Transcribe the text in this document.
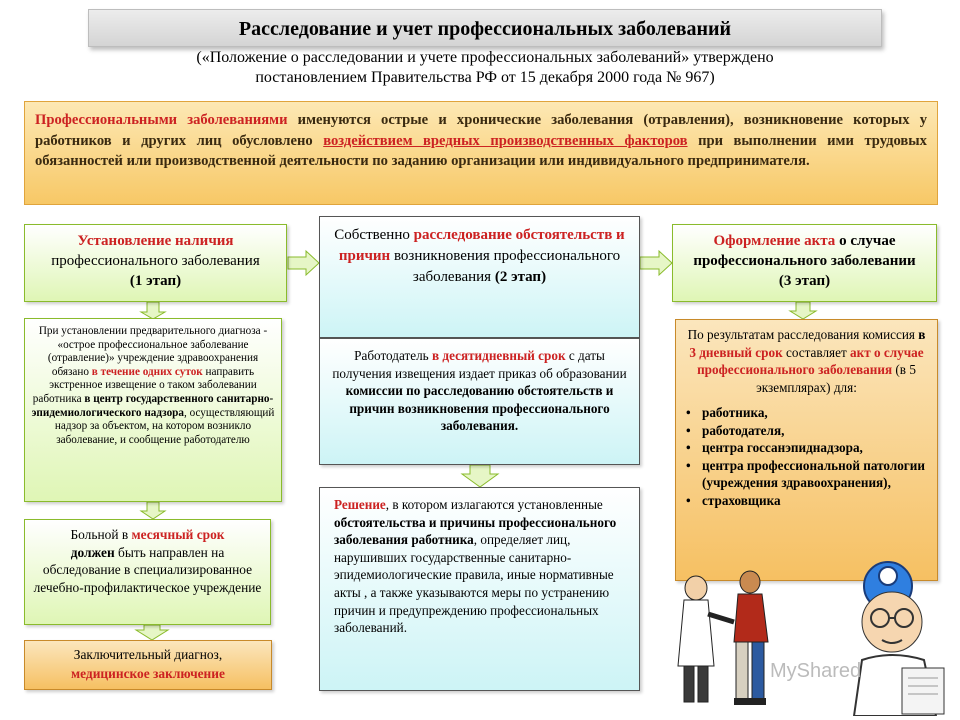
Расследование и учет профессиональных заболеваний
(«Положение о расследовании и учете профессиональных заболеваний» утверждено
постановлением Правительства РФ от 15 декабря 2000 года № 967)
Профессиональными заболеваниями именуются острые и хронические заболевания (отравления), возникновение которых у работников и других лиц обусловлено воздействием вредных производственных факторов при выполнении ими трудовых обязанностей или производственной деятельности по заданию организации или индивидуального предпринимателя.
Установление наличия
профессионального заболевания
(1 этап)
Собственно расследование обстоятельств и причин возникновения профессионального заболевания (2 этап)
Оформление акта о случае профессионального заболевании
(3 этап)
При установлении предварительного диагноза - «острое профессиональное заболевание (отравление)» учреждение здравоохранения обязано в течение одних суток направить экстренное извещение о таком заболевании работника в центр государственного санитарно-эпидемиологического надзора, осуществляющий надзор за объектом, на котором возникло заболевание, и сообщение работодателю
Больной в месячный срок
должен быть направлен на обследование в специализированное лечебно-профилактическое учреждение
Заключительный диагноз,
медицинское заключение
Работодатель в десятидневный срок с даты получения извещения издает приказ об образовании комиссии по расследованию обстоятельств и причин возникновения профессионального заболевания.
Решение, в котором излагаются установленные обстоятельства и причины профессионального заболевания работника, определяет лиц, нарушивших государственные санитарно-эпидемиологические правила, иные нормативные акты , а также указываются меры по устранению причин и предупреждению профессиональных заболеваний.
По результатам расследования комиссия в 3 дневный срок составляет акт о случае профессионального заболевания (в 5 экземплярах) для:
• работника,
• работодателя,
• центра госсанэпиднадзора,
• центра профессиональной патологии (учреждения здравоохранения),
• страховщика
MyShared
